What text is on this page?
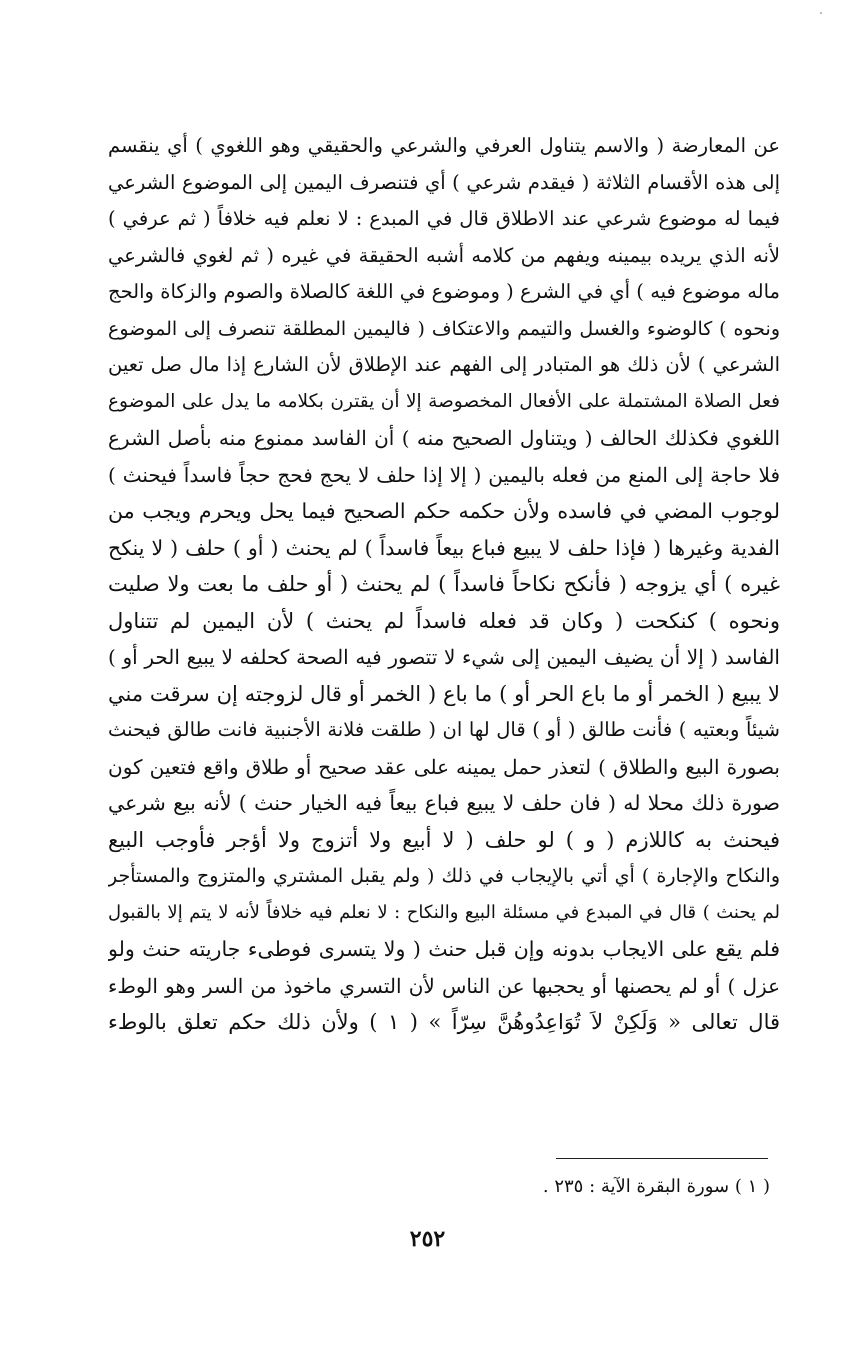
عن المعارضة ( والاسم يتناول العرفي والشرعي والحقيقي وهو اللغوي ) أي ينقسم
إلى هذه الأقسام الثلاثة ( فيقدم شرعي ) أي فتنصرف اليمين إلى الموضوع الشرعي
فيما له موضوع شرعي عند الاطلاق قال في المبدع : لا نعلم فيه خلافاً ( ثم عرفي )
لأنه الذي يريده بيمينه ويفهم من كلامه أشبه الحقيقة في غيره ( ثم لغوي فالشرعي
ماله موضوع فيه ) أي في الشرع ( وموضوع في اللغة كالصلاة والصوم والزكاة والحج
ونحوه ) كالوضوء والغسل والتيمم والاعتكاف ( فاليمين المطلقة تنصرف إلى الموضوع
الشرعي ) لأن ذلك هو المتبادر إلى الفهم عند الإطلاق لأن الشارع إذا مال صل تعين
فعل الصلاة المشتملة على الأفعال المخصوصة إلا أن يقترن بكلامه ما يدل على الموضوع
اللغوي فكذلك الحالف ( ويتناول الصحيح منه ) أن الفاسد ممنوع منه بأصل الشرع
فلا حاجة إلى المنع من فعله باليمين ( إلا إذا حلف لا يحج فحج حجاً فاسداً فيحنث )
لوجوب المضي في فاسده ولأن حكمه حكم الصحيح فيما يحل ويحرم ويجب من
الفدية وغيرها ( فإذا حلف لا يبيع فباع بيعاً فاسداً ) لم يحنث ( أو ) حلف ( لا ينكح
غيره ) أي يزوجه ( فأنكح نكاحاً فاسداً ) لم يحنث ( أو حلف ما بعت ولا صليت
ونحوه ) كنكحت ( وكان قد فعله فاسداً لم يحنث ) لأن اليمين لم تتناول
الفاسد ( إلا أن يضيف اليمين إلى شيء لا تتصور فيه الصحة كحلفه لا يبيع الحر أو )
لا يبيع ( الخمر أو ما باع الحر أو ) ما باع ( الخمر أو قال لزوجته إن سرقت مني
شيئاً وبعتيه ) فأنت طالق ( أو ) قال لها ان ( طلقت فلانة الأجنبية فانت طالق فيحنث
بصورة البيع والطلاق ) لتعذر حمل يمينه على عقد صحيح أو طلاق واقع فتعين كون
صورة ذلك محلا له ( فان حلف لا يبيع فباع بيعاً فيه الخيار حنث ) لأنه بيع شرعي
فيحنث به كاللازم ( و ) لو حلف ( لا أبيع ولا أتزوج ولا أؤجر فأوجب البيع
والنكاح والإجارة ) أي أتي بالإيجاب في ذلك ( ولم يقبل المشتري والمتزوج والمستأجر
لم يحنث ) قال في المبدع في مسئلة البيع والنكاح : لا نعلم فيه خلافاً لأنه لا يتم إلا بالقبول
فلم يقع على الايجاب بدونه وإن قبل حنث ( ولا يتسرى فوطىء جاريته حنث ولو
عزل ) أو لم يحصنها أو يحجبها عن الناس لأن التسري ماخوذ من السر وهو الوطء
قال تعالى « وَلَكِنْ لاَ تُوَاعِدُوهُنَّ سِرّاً » ( ١ ) ولأن ذلك حكم تعلق بالوطء
( ١ ) سورة البقرة الآية : ٢٣٥ .
٢٥٢
